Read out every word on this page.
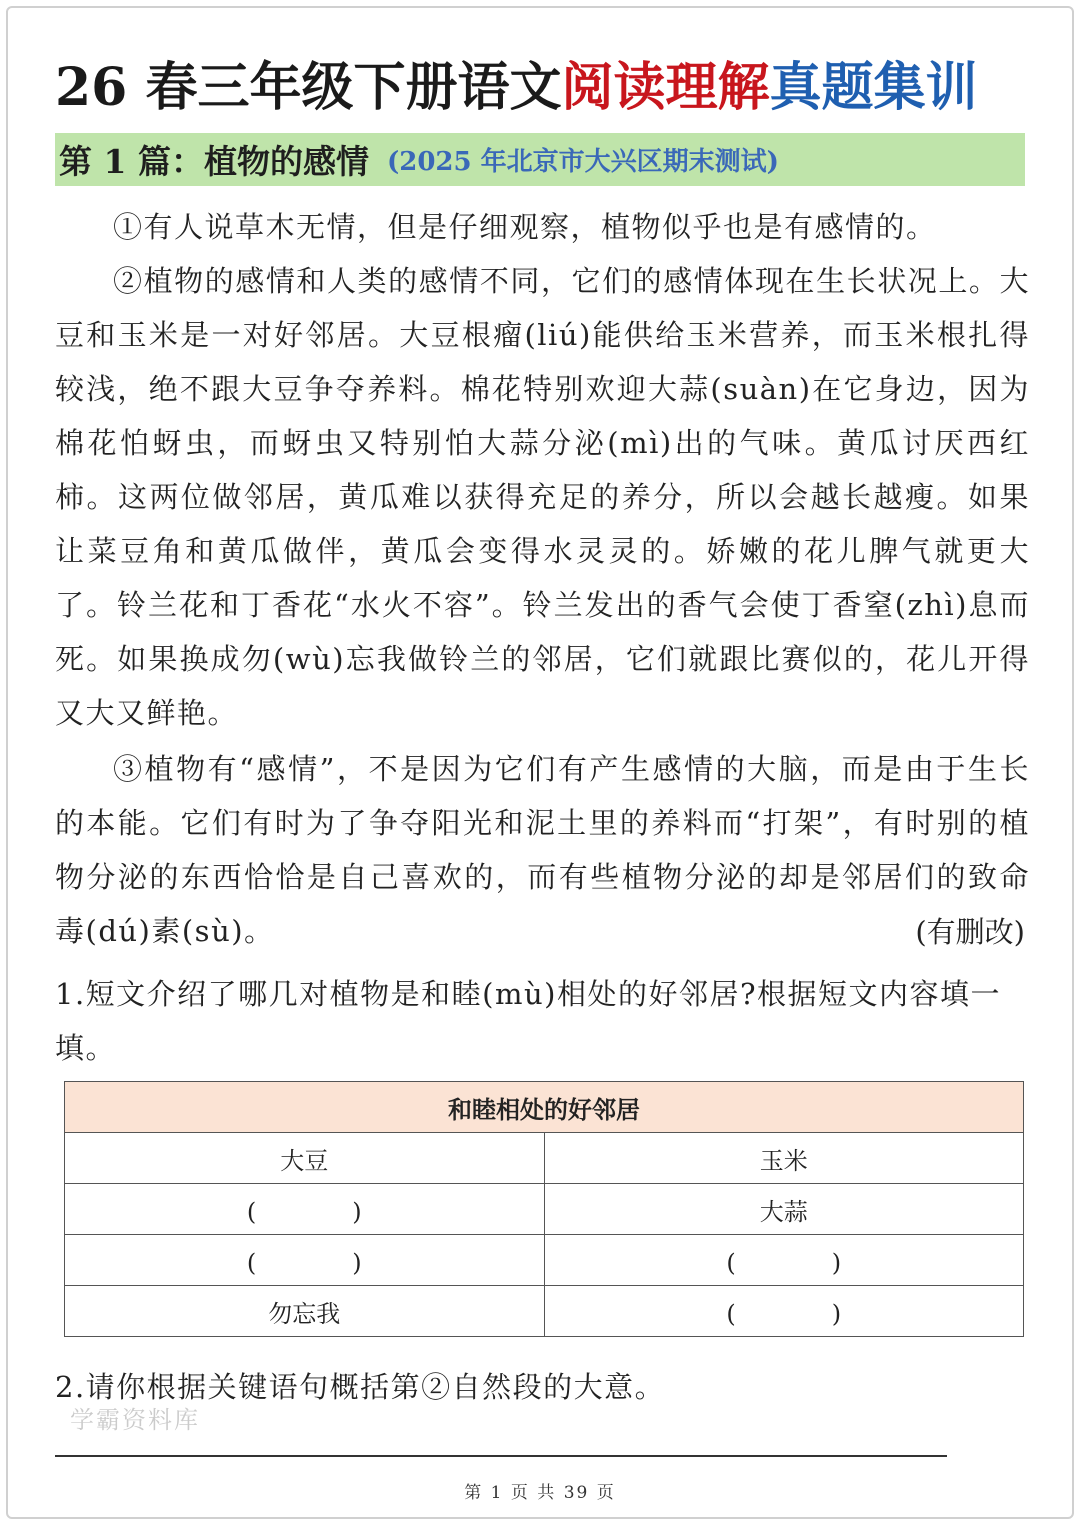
26 春三年级下册语文阅读理解真题集训
第 1 篇：植物的感情 (2025 年北京市大兴区期末测试)

①有人说草木无情，但是仔细观察，植物似乎也是有感情的。

②植物的感情和人类的感情不同，它们的感情体现在生长状况上。大豆和玉米是一对好邻居。大豆根瘤(liú)能供给玉米营养，而玉米根扎得较浅，绝不跟大豆争夺养料。棉花特别欢迎大蒜(suàn)在它身边，因为棉花怕蚜虫，而蚜虫又特别怕大蒜分泌(mì)出的气味。黄瓜讨厌西红柿。这两位做邻居，黄瓜难以获得充足的养分，所以会越长越瘦。如果让菜豆角和黄瓜做伴，黄瓜会变得水灵灵的。娇嫩的花儿脾气就更大了。铃兰花和丁香花“水火不容”。铃兰发出的香气会使丁香窒(zhì)息而死。如果换成勿(wù)忘我做铃兰的邻居，它们就跟比赛似的，花儿开得又大又鲜艳。

③植物有“感情”，不是因为它们有产生感情的大脑，而是由于生长的本能。它们有时为了争夺阳光和泥土里的养料而“打架”，有时别的植物分泌的东西恰恰是自己喜欢的，而有些植物分泌的却是邻居们的致命毒(dú)素(sù)。	(有删改)

1.短文介绍了哪几对植物是和睦(mù)相处的好邻居?根据短文内容填一填。

和睦相处的好邻居	
大豆	玉米
(　　　　)	大蒜
(　　　　)	(　　　　)
勿忘我	(　　　　)

2.请你根据关键语句概括第②自然段的大意。

学霸资料库
第 1 页 共 39 页
